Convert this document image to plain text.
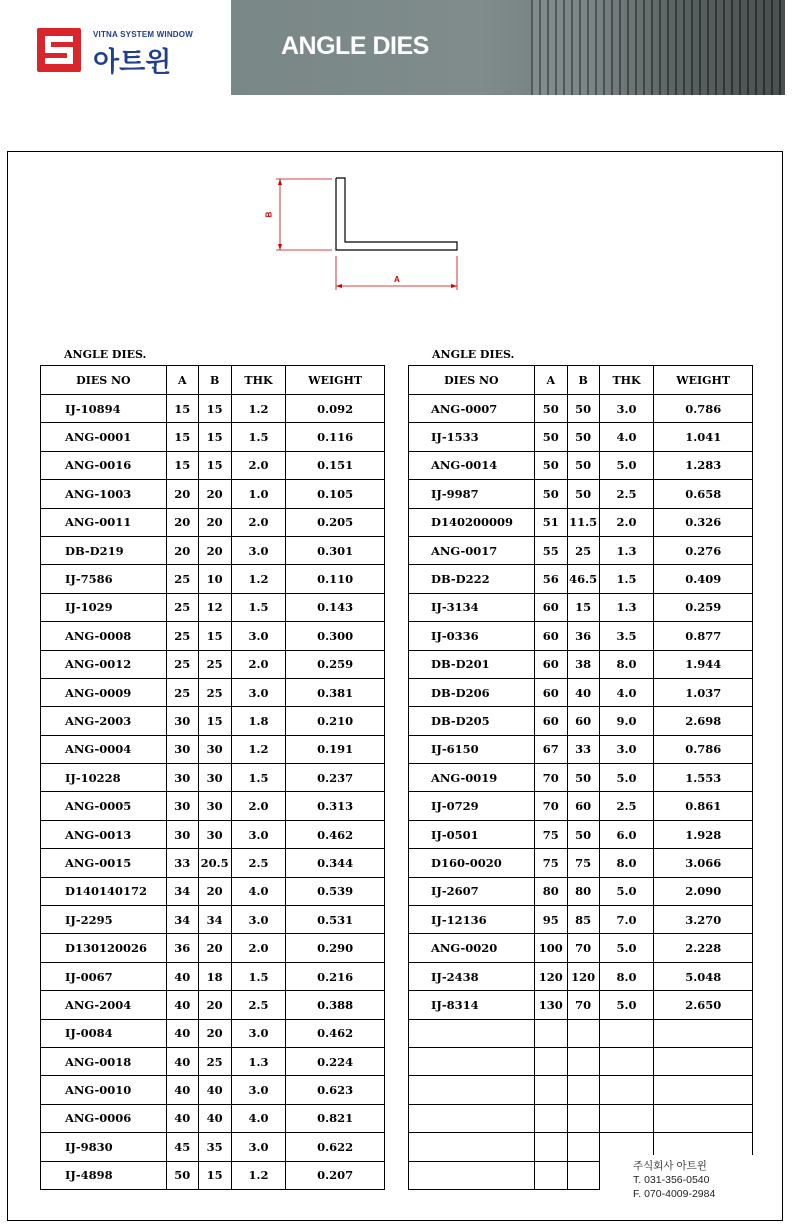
VITNA SYSTEM WINDOW
아트윈
ANGLE DIES
B
A
ANGLE DIES.
DIES NO	A	B	THK	WEIGHT
IJ-10894	15	15	1.2	0.092
ANG-0001	15	15	1.5	0.116
ANG-0016	15	15	2.0	0.151
ANG-1003	20	20	1.0	0.105
ANG-0011	20	20	2.0	0.205
DB-D219	20	20	3.0	0.301
IJ-7586	25	10	1.2	0.110
IJ-1029	25	12	1.5	0.143
ANG-0008	25	15	3.0	0.300
ANG-0012	25	25	2.0	0.259
ANG-0009	25	25	3.0	0.381
ANG-2003	30	15	1.8	0.210
ANG-0004	30	30	1.2	0.191
IJ-10228	30	30	1.5	0.237
ANG-0005	30	30	2.0	0.313
ANG-0013	30	30	3.0	0.462
ANG-0015	33	20.5	2.5	0.344
D140140172	34	20	4.0	0.539
IJ-2295	34	34	3.0	0.531
D130120026	36	20	2.0	0.290
IJ-0067	40	18	1.5	0.216
ANG-2004	40	20	2.5	0.388
IJ-0084	40	20	3.0	0.462
ANG-0018	40	25	1.3	0.224
ANG-0010	40	40	3.0	0.623
ANG-0006	40	40	4.0	0.821
IJ-9830	45	35	3.0	0.622
IJ-4898	50	15	1.2	0.207
ANGLE DIES.
DIES NO	A	B	THK	WEIGHT
ANG-0007	50	50	3.0	0.786
IJ-1533	50	50	4.0	1.041
ANG-0014	50	50	5.0	1.283
IJ-9987	50	50	2.5	0.658
D140200009	51	11.5	2.0	0.326
ANG-0017	55	25	1.3	0.276
DB-D222	56	46.5	1.5	0.409
IJ-3134	60	15	1.3	0.259
IJ-0336	60	36	3.5	0.877
DB-D201	60	38	8.0	1.944
DB-D206	60	40	4.0	1.037
DB-D205	60	60	9.0	2.698
IJ-6150	67	33	3.0	0.786
ANG-0019	70	50	5.0	1.553
IJ-0729	70	60	2.5	0.861
IJ-0501	75	50	6.0	1.928
D160-0020	75	75	8.0	3.066
IJ-2607	80	80	5.0	2.090
IJ-12136	95	85	7.0	3.270
ANG-0020	100	70	5.0	2.228
IJ-2438	120	120	8.0	5.048
IJ-8314	130	70	5.0	2.650

주식회사 아트윈
T. 031-356-0540
F. 070-4009-2984
